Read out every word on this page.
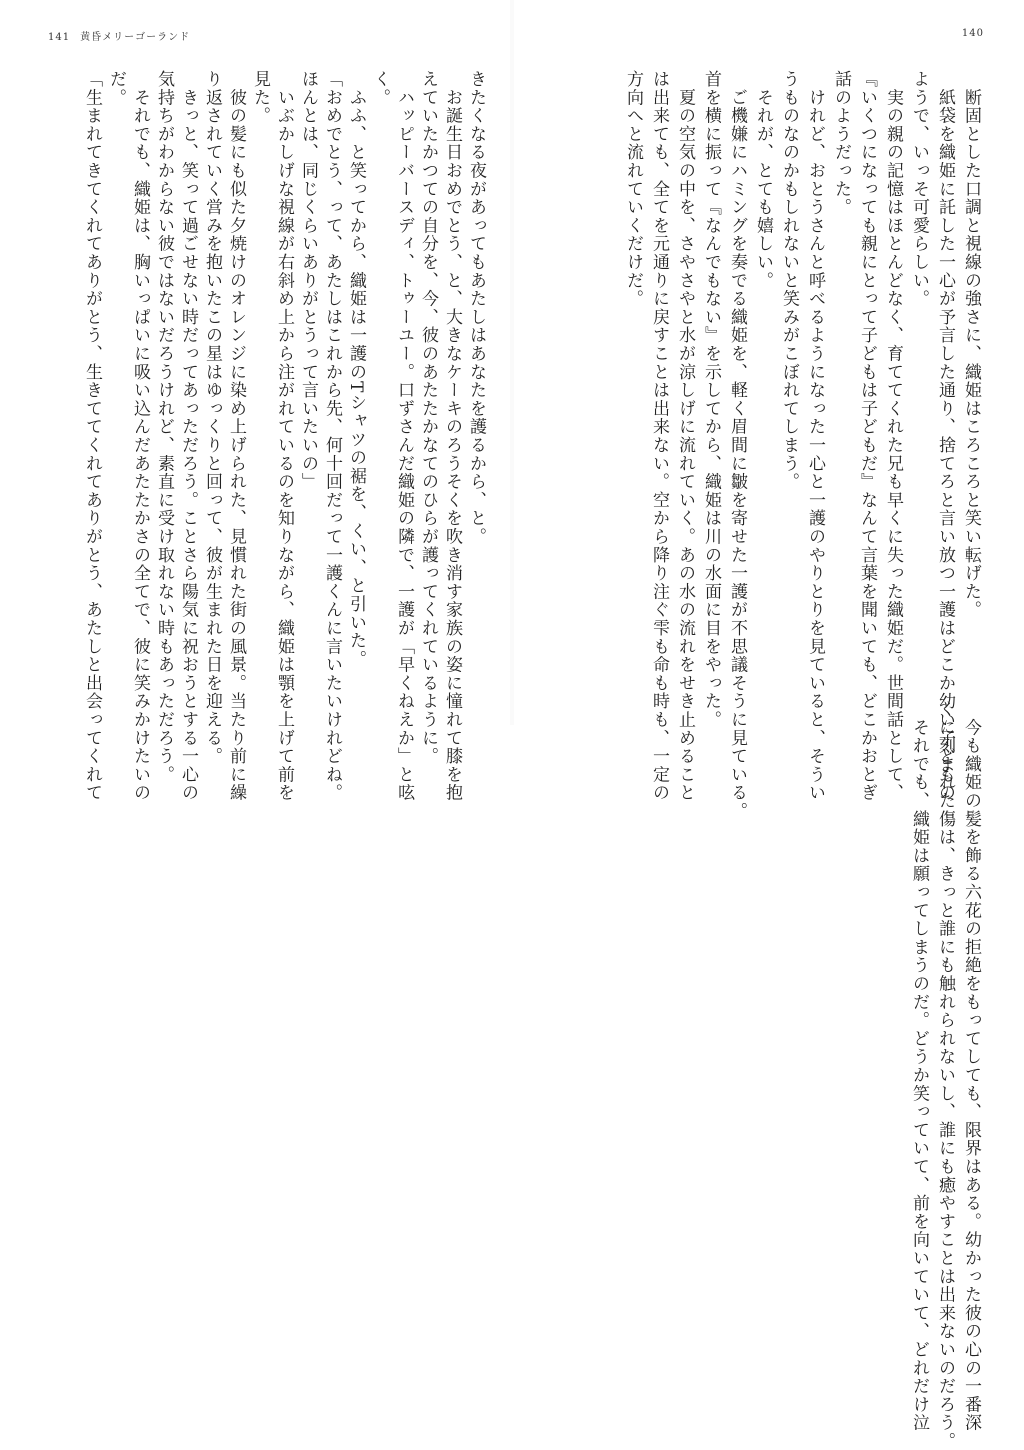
141 黄昏メリーゴーランド	140
　断固とした口調と視線の強さに、織姫はころころと笑い転げた。
　紙袋を織姫に託した一心が予言した通り、捨てろと言い放つ一護はどこか幼い子どもの
ようで、いっそ可愛らしい。
　実の親の記憶はほとんどなく、育ててくれた兄も早くに失った織姫だ。世間話として、
『いくつになっても親にとって子どもは子どもだ』なんて言葉を聞いても、どこかおとぎ
話のようだった。
　けれど、おとうさんと呼べるようになった一心と一護のやりとりを見ていると、そうい
うものなのかもしれないと笑みがこぼれてしまう。
　それが、とても嬉しい。
　ご機嫌にハミングを奏でる織姫を、軽く眉間に皺を寄せた一護が不思議そうに見ている。
首を横に振って『なんでもない』を示してから、織姫は川の水面に目をやった。
　夏の空気の中を、さやさやと水が涼しげに流れていく。あの水の流れをせき止めること
は出来ても、全てを元通りに戻すことは出来ない。空から降り注ぐ雫も命も時も、一定の
方向へと流れていくだけだ。
　今も織姫の髪を飾る六花の拒絶をもってしても、限界はある。幼かった彼の心の一番深
くに刻まれた傷は、きっと誰にも触れられないし、誰にも癒やすことは出来ないのだろう。
　それでも、織姫は願ってしまうのだ。どうか笑っていて、前を向いていて、どれだけ泣
きたくなる夜があってもあたしはあなたを護るから、と。
　お誕生日おめでとう、と、大きなケーキのろうそくを吹き消す家族の姿に憧れて膝を抱
えていたかつての自分を、今、彼のあたたかなてのひらが護ってくれているように。
　ハッピーバースディ、トゥーユー。口ずさんだ織姫の隣で、一護が「早くねえか」と呟
く。
　ふふ、と笑ってから、織姫は一護のTシャツの裾を、くい、と引いた。
「おめでとう、って、あたしはこれから先、何十回だって一護くんに言いたいけれどね。
ほんとは、同じくらいありがとうって言いたいの」
　いぶかしげな視線が右斜め上から注がれているのを知りながら、織姫は顎を上げて前を
見た。
　彼の髪にも似た夕焼けのオレンジに染め上げられた、見慣れた街の風景。当たり前に繰
り返されていく営みを抱いたこの星はゆっくりと回って、彼が生まれた日を迎える。
　きっと、笑って過ごせない時だってあっただろう。ことさら陽気に祝おうとする一心の
気持ちがわからない彼ではないだろうけれど、素直に受け取れない時もあっただろう。
　それでも、織姫は、胸いっぱいに吸い込んだあたたかさの全てで、彼に笑みかけたいの
だ。
「生まれてきてくれてありがとう、生きててくれてありがとう、あたしと出会ってくれて
